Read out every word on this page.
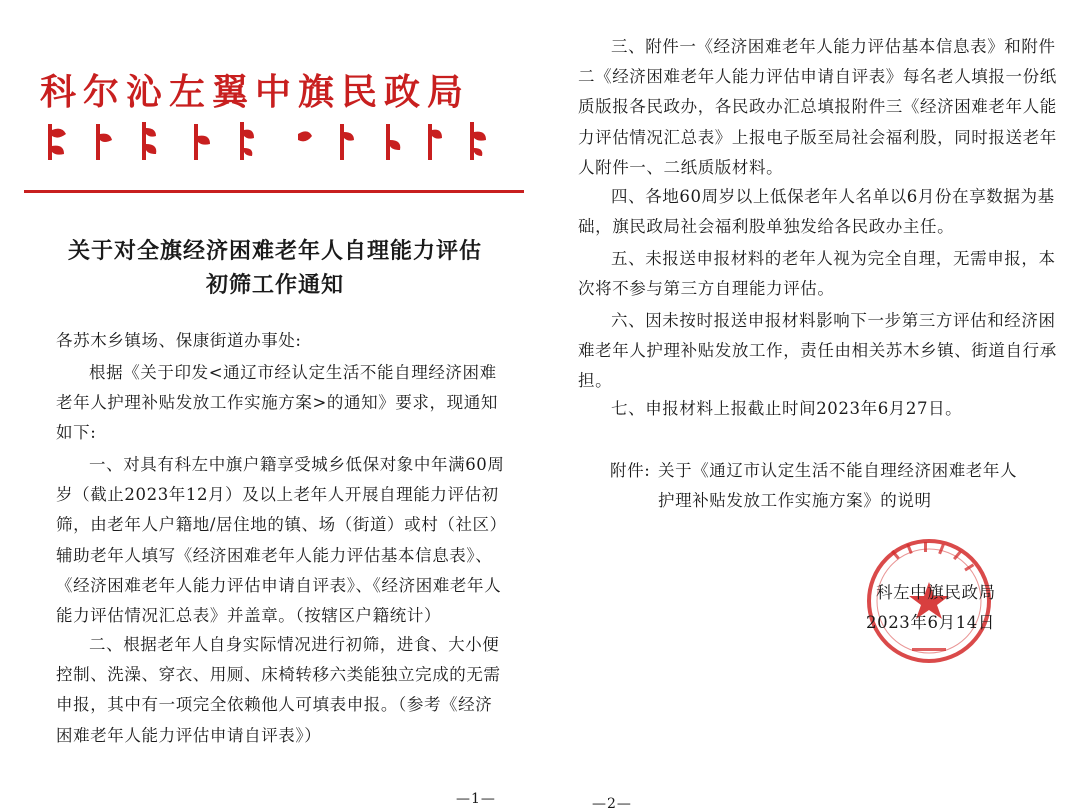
科尔沁左翼中旗民政局
关于对全旗经济困难老年人自理能力评估
初筛工作通知

各苏木乡镇场、保康街道办事处:

根据《关于印发<通辽市经认定生活不能自理经济困难老年人护理补贴发放工作实施方案>的通知》要求，现通知如下:

一、对具有科左中旗户籍享受城乡低保对象中年满60周岁（截止2023年12月）及以上老年人开展自理能力评估初筛，由老年人户籍地/居住地的镇、场（街道）或村（社区）辅助老年人填写《经济困难老年人能力评估基本信息表》、《经济困难老年人能力评估申请自评表》、《经济困难老年人能力评估情况汇总表》并盖章。（按辖区户籍统计）

二、根据老年人自身实际情况进行初筛，进食、大小便控制、洗澡、穿衣、用厕、床椅转移六类能独立完成的无需申报，其中有一项完全依赖他人可填表申报。（参考《经济困难老年人能力评估申请自评表》）

—1—

三、附件一《经济困难老年人能力评估基本信息表》和附件二《经济困难老年人能力评估申请自评表》每名老人填报一份纸质版报各民政办，各民政办汇总填报附件三《经济困难老年人能力评估情况汇总表》上报电子版至局社会福利股，同时报送老年人附件一、二纸质版材料。

四、各地60周岁以上低保老年人名单以6月份在享数据为基础，旗民政局社会福利股单独发给各民政办主任。

五、未报送申报材料的老年人视为完全自理，无需申报，本次将不参与第三方自理能力评估。

六、因未按时报送申报材料影响下一步第三方评估和经济困难老年人护理补贴发放工作，责任由相关苏木乡镇、街道自行承担。

七、申报材料上报截止时间2023年6月27日。

附件: 关于《通辽市认定生活不能自理经济困难老年人
护理补贴发放工作实施方案》的说明
科左中旗民政局
2023年6月14日
—2—
